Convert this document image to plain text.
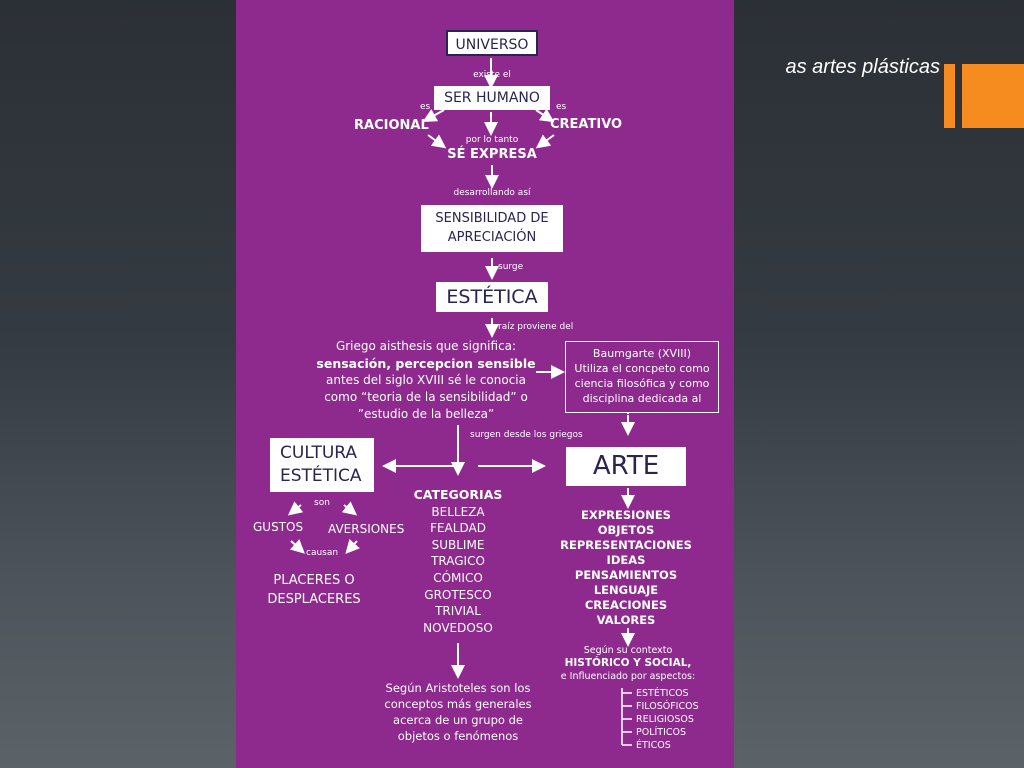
as artes plásticas
UNIVERSO
existe el
SER HUMANO
es	es
RACIONAL	CREATIVO
por lo tanto
SÉ EXPRESA
desarrollando así
SENSIBILIDAD DE
APRECIACIÓN
surge
ESTÉTICA
raíz proviene del
Griego aisthesis que significa:
sensación, percepcion sensible
antes del siglo XVIII sé le conocia
como “teoria de la sensibilidad” o
”estudio de la belleza”
Baumgarte (XVIII)
Utiliza el concpeto como
ciencia filosófica y como
disciplina dedicada al
surgen desde los griegos
CULTURA
ESTÉTICA	ARTE
son
GUSTOS AVERSIONES
causan
PLACERES O
DESPLACERES
CATEGORIAS
BELLEZA
FEALDAD
SUBLIME
TRAGICO
CÓMICO
GROTESCO
TRIVIAL
NOVEDOSO
EXPRESIONES
OBJETOS
REPRESENTACIONES
IDEAS
PENSAMIENTOS
LENGUAJE
CREACIONES
VALORES
Según su contexto
HISTÓRICO Y SOCIAL,
e Influenciado por aspectos:
ESTÉTICOS
FILOSÓFICOS
RELIGIOSOS
POLÍTICOS
ÉTICOS
Según Aristoteles son los
conceptos más generales
acerca de un grupo de
objetos o fenómenos
